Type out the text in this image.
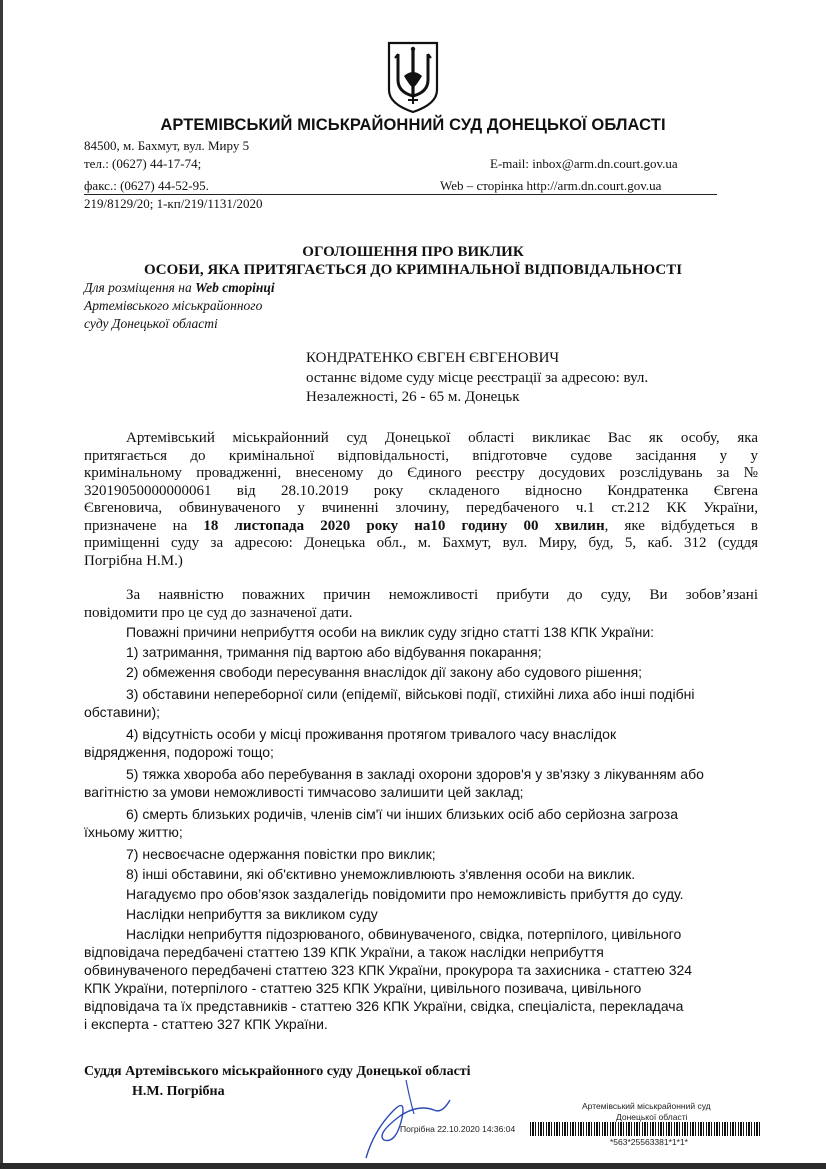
АРТЕМІВСЬКИЙ МІСЬКРАЙОННИЙ СУД ДОНЕЦЬКОЇ ОБЛАСТІ
84500, м. Бахмут, вул. Миру 5
тел.: (0627) 44-17-74;	E-mail: inbox@arm.dn.court.gov.ua
факс.: (0627) 44-52-95.	Web – сторінка http://arm.dn.court.gov.ua
219/8129/20; 1-кп/219/1131/2020
ОГОЛОШЕННЯ ПРО ВИКЛИК
ОСОБИ, ЯКА ПРИТЯГАЄТЬСЯ ДО КРИМІНАЛЬНОЇ ВІДПОВІДАЛЬНОСТІ
Для розміщення на Web сторінці
Артемівського міськрайонного
суду Донецької області
КОНДРАТЕНКО ЄВГЕН ЄВГЕНОВИЧ
останнє відоме суду місце реєстрації за адресою: вул.
Незалежності, 26 - 65 м. Донецьк
Артемівський міськрайонний суд Донецької області викликає Вас як особу, яка
притягається до кримінальної відповідальності, впідготовче судове засідання у у
кримінальному провадженні, внесеному до Єдиного реєстру досудових розслідувань за №
32019050000000061 від 28.10.2019 року складеного відносно Кондратенка Євгена
Євгеновича, обвинуваченого у вчиненні злочину, передбаченого ч.1 ст.212 КК України,
призначене на 18 листопада 2020 року на10 годину 00 хвилин, яке відбудеться в
приміщенні суду за адресою: Донецька обл., м. Бахмут, вул. Миру, буд, 5, каб. 312 (суддя
Погрібна Н.М.)
За наявністю поважних причин неможливості прибути до суду, Ви зобов’язані
повідомити про це суд до зазначеної дати.
Поважні причини неприбуття особи на виклик суду згідно статті 138 КПК України:
1) затримання, тримання під вартою або відбування покарання;
2) обмеження свободи пересування внаслідок дії закону або судового рішення;
3) обставини непереборної сили (епідемії, військові події, стихійні лиха або інші подібні
обставини);
4) відсутність особи у місці проживання протягом тривалого часу внаслідок
відрядження, подорожі тощо;
5) тяжка хвороба або перебування в закладі охорони здоров'я у зв'язку з лікуванням або
вагітністю за умови неможливості тимчасово залишити цей заклад;
6) смерть близьких родичів, членів сім'ї чи інших близьких осіб або серйозна загроза
їхньому життю;
7) несвоєчасне одержання повістки про виклик;
8) інші обставини, які об'єктивно унеможливлюють з'явлення особи на виклик.
Нагадуємо про обов’язок заздалегідь повідомити про неможливість прибуття до суду.
Наслідки неприбуття за викликом суду
Наслідки неприбуття підозрюваного, обвинуваченого, свідка, потерпілого, цивільного
відповідача передбачені статтею 139 КПК України, а також наслідки неприбуття
обвинуваченого передбачені статтею 323 КПК України, прокурора та захисника - статтею 324
КПК України, потерпілого - статтею 325 КПК України, цивільного позивача, цивільного
відповідача та їх представників - статтею 326 КПК України, свідка, спеціаліста, перекладача
і експерта - статтею 327 КПК України.
Суддя Артемівського міськрайонного суду Донецької області
Н.М. Погрібна
Артемівський міськрайонний суд
Донецької області
Погрібна 22.10.2020 14:36:04
*563*25563381*1*1*
